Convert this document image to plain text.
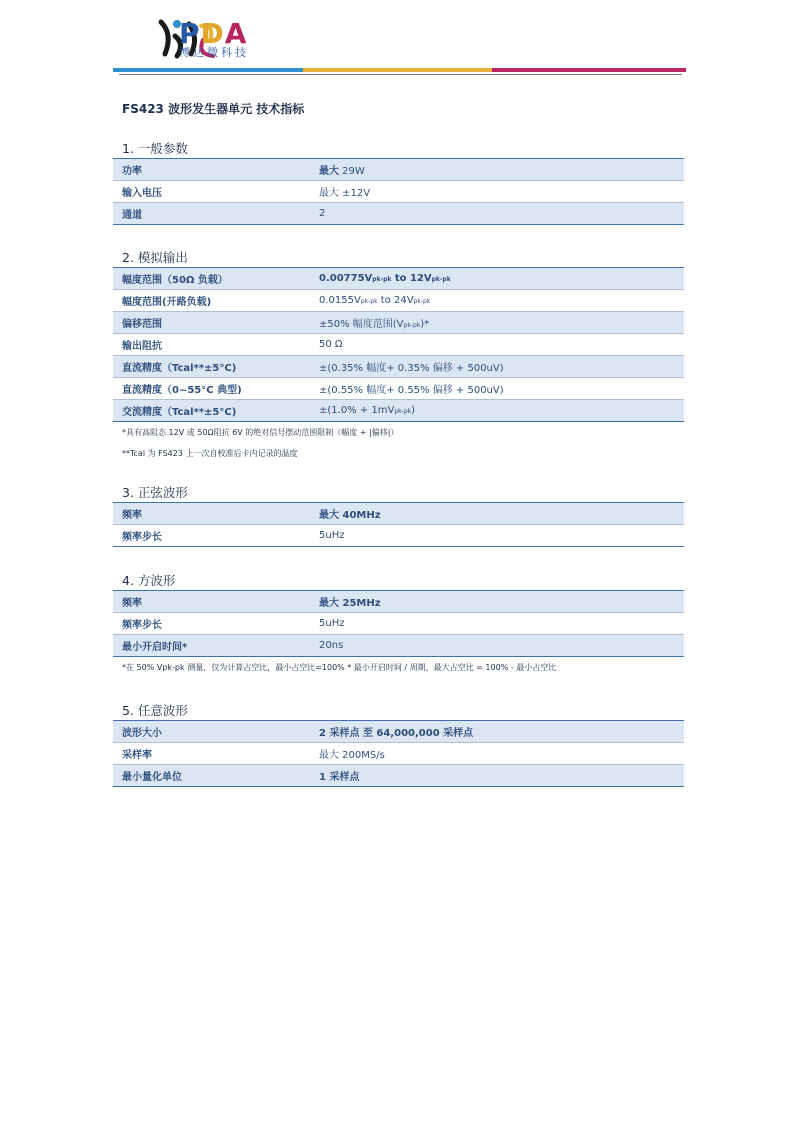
PDA
博达微科技
FS423 波形发生器单元 技术指标
1. 一般参数
功率	最大 29W
输入电压	最大 ±12V
通道	2
2. 模拟输出
幅度范围（50Ω 负载）	0.00775Vpk-pk to 12Vpk-pk
幅度范围(开路负载)	0.0155Vpk-pk to 24Vpk-pk
偏移范围	±50% 幅度范围(Vpk-pk)*
输出阻抗	50 Ω
直流精度（Tcal**±5°C)	±(0.35% 幅度+ 0.35% 偏移 + 500uV)
直流精度（0~55°C 典型)	±(0.55% 幅度+ 0.55% 偏移 + 500uV)
交流精度（Tcal**±5°C)	±(1.0% + 1mVpk-pk)
*具有高阻态 12V 或 50Ω阻抗 6V 的绝对信号摆动范围限制（幅度 + |偏移|）
**Tcal 为 FS423 上一次自校准后卡内记录的温度
3. 正弦波形
频率	最大 40MHz
频率步长	5uHz
4. 方波形
频率	最大 25MHz
频率步长	5uHz
最小开启时间*	20ns
*在 50% Vpk-pk 测量，仅为计算占空比，最小占空比=100% * 最小开启时间 / 周期，最大占空比 = 100% - 最小占空比
5. 任意波形
波形大小	2 采样点 至 64,000,000 采样点
采样率	最大 200MS/s
最小量化单位	1 采样点
